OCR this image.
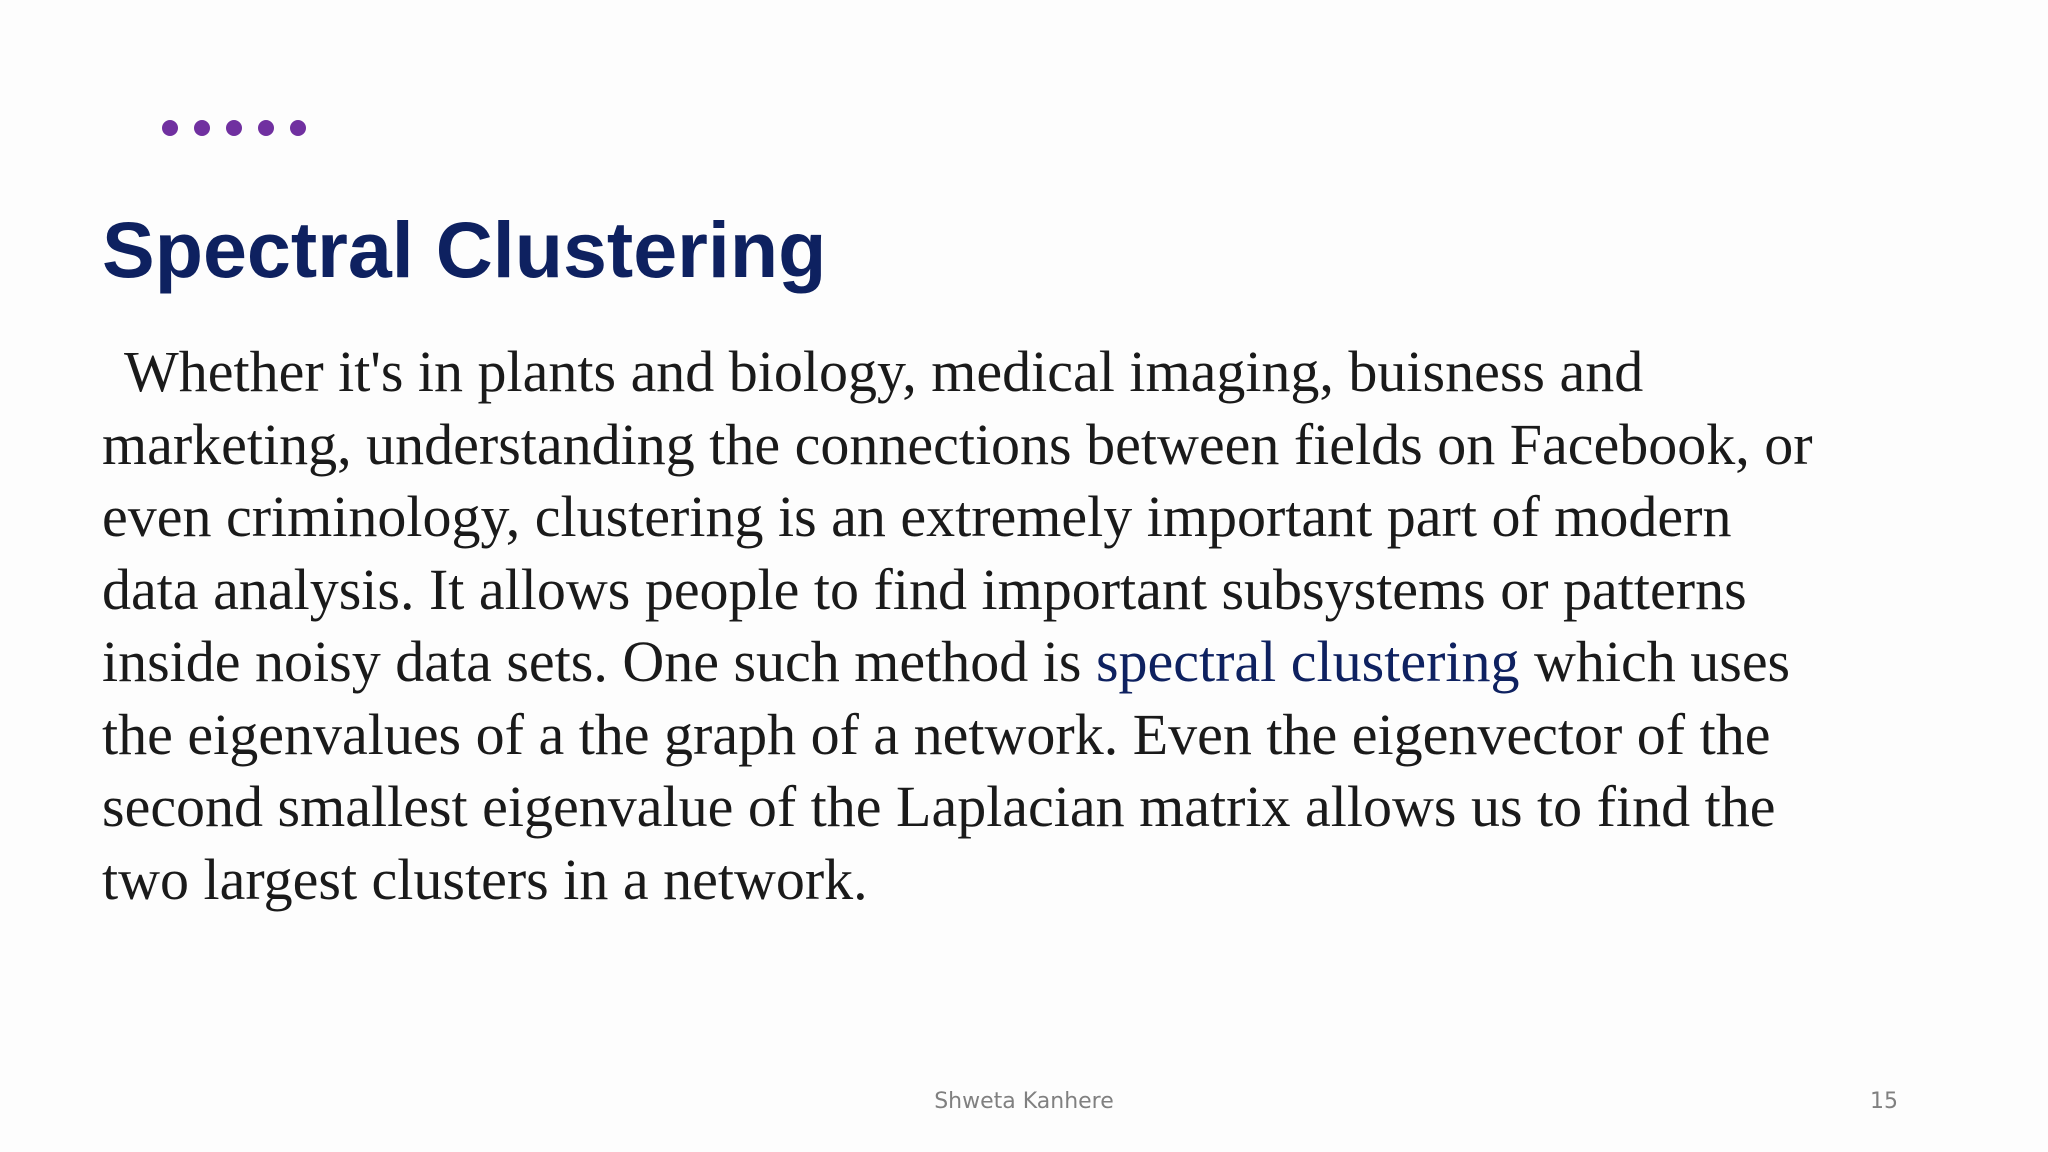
Spectral Clustering
Whether it's in plants and biology, medical imaging, buisness and
marketing, understanding the connections between fields on Facebook, or
even criminology, clustering is an extremely important part of modern
data analysis. It allows people to find important subsystems or patterns
inside noisy data sets. One such method is spectral clustering which uses
the eigenvalues of a the graph of a network. Even the eigenvector of the
second smallest eigenvalue of the Laplacian matrix allows us to find the
two largest clusters in a network.
Shweta Kanhere	15
